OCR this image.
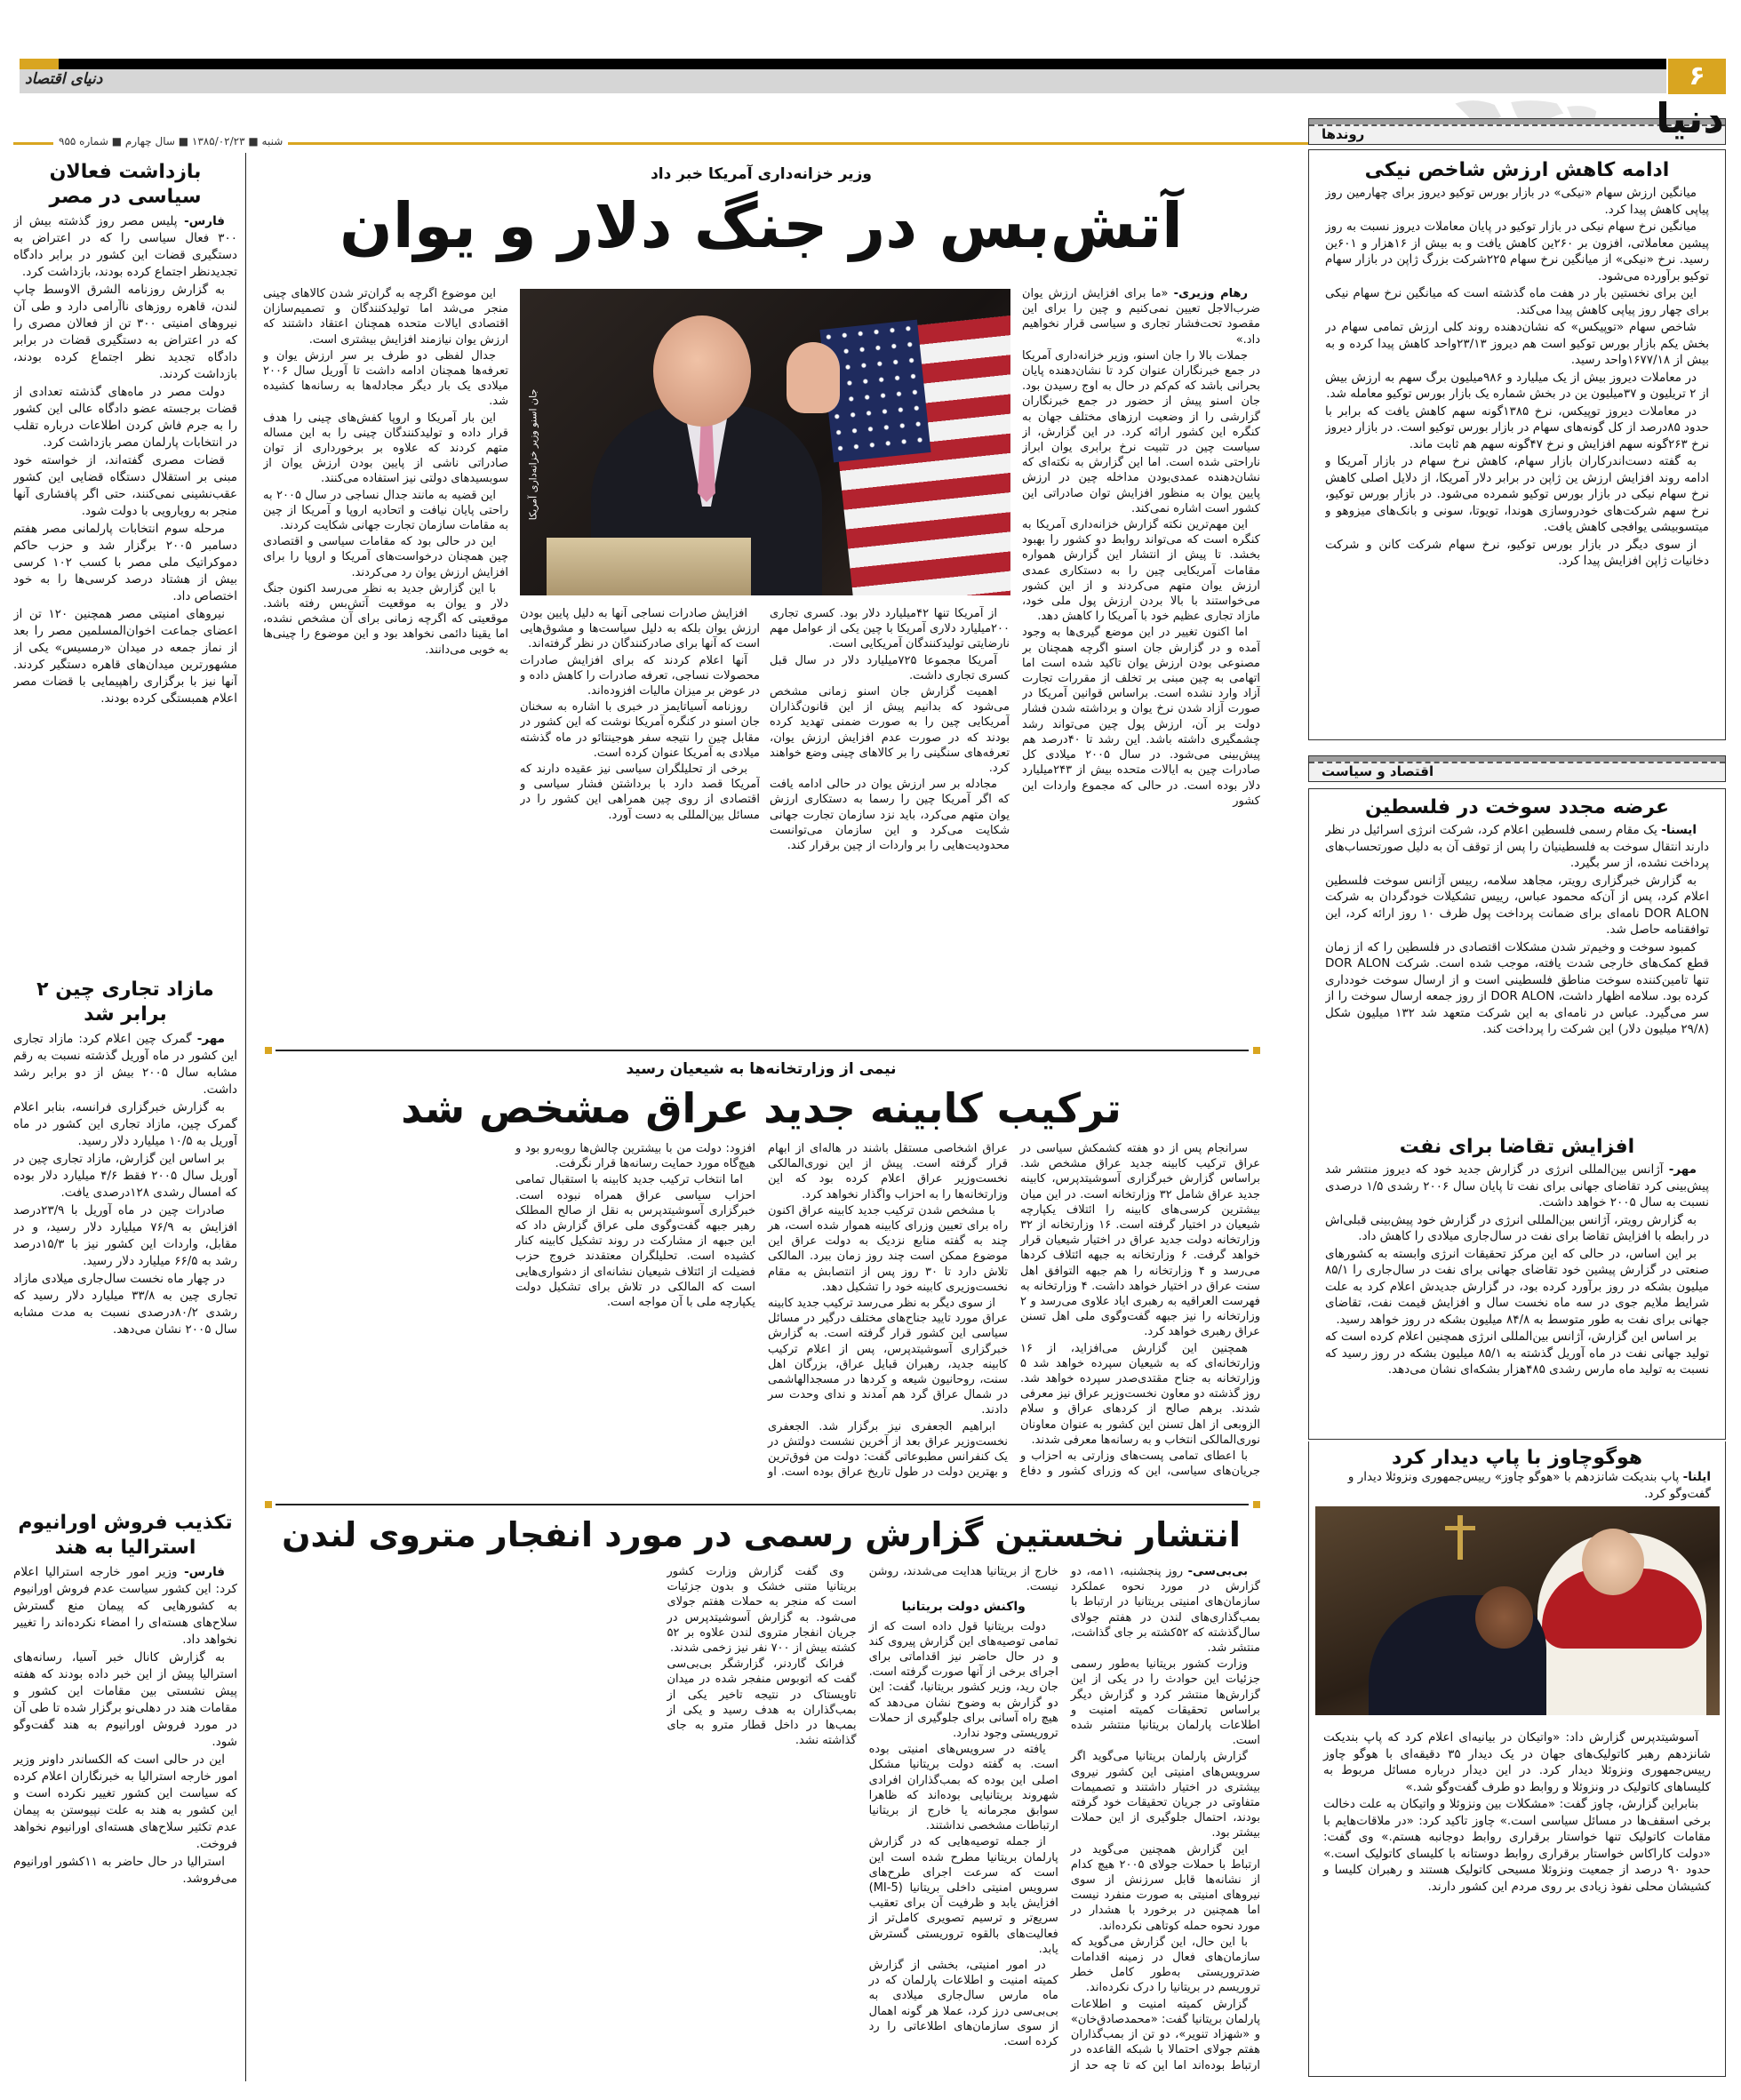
۶
دنیای اقتصاد
دنیا
شنبه ■ ۱۳۸۵/۰۲/۲۳ ■ سال چهارم ■ شماره ۹۵۵
بازداشت فعالان سیاسی در مصر

فارس- پلیس مصر روز گذشته بیش از ۳۰۰ فعال سیاسی را که در اعتراض به دستگیری قضات این کشور در برابر دادگاه تجدیدنظر اجتماع کرده بودند، بازداشت کرد.

به گزارش روزنامه الشرق الاوسط چاپ لندن، قاهره روزهای ناآرامی دارد و طی آن نیروهای امنیتی ۳۰۰ تن از فعالان مصری را که در اعتراض به دستگیری قضات در برابر دادگاه تجدید نظر اجتماع کرده بودند، بازداشت کردند.

دولت مصر در ماه‌های گذشته تعدادی از قضات برجسته عضو دادگاه عالی این کشور را به جرم فاش کردن اطلاعات درباره تقلب در انتخابات پارلمان مصر بازداشت کرد.

قضات مصری گفته‌اند، از خواسته خود مبنی بر استقلال دستگاه قضایی این کشور عقب‌نشینی نمی‌کنند، حتی اگر پافشاری آنها منجر به رویارویی با دولت شود.

مرحله سوم انتخابات پارلمانی مصر هفتم دسامبر ۲۰۰۵ برگزار شد و حزب حاکم دموکراتیک ملی مصر با کسب ۱۰۲ کرسی بیش از هشتاد درصد کرسی‌ها را به خود اختصاص داد.

نیروهای امنیتی مصر همچنین ۱۲۰ تن از اعضای جماعت اخوان‌المسلمین مصر را بعد از نماز جمعه در میدان «رمسیس» یکی از مشهورترین میدان‌های قاهره دستگیر کردند. آنها نیز با برگزاری راهپیمایی با قضات مصر اعلام همبستگی کرده بودند.

مازاد تجاری چین ۲ برابر شد

مهر- گمرک چین اعلام کرد: مازاد تجاری این کشور در ماه آوریل گذشته نسبت به رقم مشابه سال ۲۰۰۵ بیش از دو برابر رشد داشت.

به گزارش خبرگزاری فرانسه، بنابر اعلام گمرک چین، مازاد تجاری این کشور در ماه آوریل به ۱۰/۵ میلیارد دلار رسید.

بر اساس این گزارش، مازاد تجاری چین در آوریل سال ۲۰۰۵ فقط ۴/۶ میلیارد دلار بوده که امسال رشدی ۱۲۸درصدی یافت.

صادرات چین در ماه آوریل با ۲۳/۹درصد افزایش به ۷۶/۹ میلیارد دلار رسید، و در مقابل، واردات این کشور نیز با ۱۵/۳درصد رشد به ۶۶/۵ میلیارد دلار رسید.

در چهار ماه نخست سال‌جاری میلادی مازاد تجاری چین به ۳۳/۸ میلیارد دلار رسید که رشدی ۸۰/۲درصدی نسبت به مدت مشابه سال ۲۰۰۵ نشان می‌دهد.

تکذیب فروش اورانیوم استرالیا به هند

فارس- وزیر امور خارجه استرالیا اعلام کرد: این کشور سیاست عدم فروش اورانیوم به کشورهایی که پیمان منع گسترش سلاح‌های هسته‌ای را امضاء نکرده‌اند را تغییر نخواهد داد.

به گزارش کانال خبر آسیا، رسانه‌های استرالیا پیش از این خبر داده بودند که هفته پیش نشستی بین مقامات این کشور و مقامات هند در دهلی‌نو برگزار شده تا طی آن در مورد فروش اورانیوم به هند گفت‌وگو شود.

این در حالی است که الکساندر داونر وزیر امور خارجه استرالیا به خبرنگاران اعلام کرده که سیاست این کشور تغییر نکرده است و این کشور به هند به علت نپیوستن به پیمان عدم تکثیر سلاح‌های هسته‌ای اورانیوم نخواهد فروخت.

استرالیا در حال حاضر به ۱۱کشور اورانیوم می‌فروشد.

وزیر خزانه‌داری آمریکا خبر داد
آتش‌بس در جنگ دلار و یوان

رهام وزیری- «ما برای افزایش ارزش یوان ضرب‌الاجل تعیین نمی‌کنیم و چین را برای این مقصود تحت‌فشار تجاری و سیاسی قرار نخواهیم داد.»

جملات بالا را جان اسنو، وزیر خزانه‌داری آمریکا در جمع خبرنگاران عنوان کرد تا نشان‌دهنده پایان بحرانی باشد که کم‌کم در حال به اوج رسیدن بود. جان اسنو پیش از حضور در جمع خبرنگاران گزارشی را از وضعیت ارزهای مختلف جهان به کنگره این کشور ارائه کرد. در این گزارش، از سیاست چین در تثبیت نرخ برابری یوان ابراز ناراحتی شده است. اما این گزارش به نکته‌ای که نشان‌دهنده عمدی‌بودن مداخله چین در ارزش پایین یوان به منظور افزایش توان صادراتی این کشور است اشاره نمی‌کند.

این مهم‌ترین نکته گزارش خزانه‌داری آمریکا به کنگره است که می‌تواند روابط دو کشور را بهبود بخشد. تا پیش از انتشار این گزارش همواره مقامات آمریکایی چین را به دستکاری عمدی ارزش یوان متهم می‌کردند و از این کشور می‌خواستند با بالا بردن ارزش پول ملی خود، مازاد تجاری عظیم خود با آمریکا را کاهش دهد.

اما اکنون تغییر در این موضع گیری‌ها به وجود آمده و در گزارش جان اسنو اگرچه همچنان بر مصنوعی بودن ارزش یوان تاکید شده است اما اتهامی به چین مبنی بر تخلف از مقررات تجارت آزاد وارد نشده است. براساس قوانین آمریکا در صورت آزاد شدن نرخ یوان و برداشته شدن فشار دولت بر آن، ارزش پول چین می‌تواند رشد چشمگیری داشته باشد. این رشد تا ۴۰درصد هم پیش‌بینی می‌شود. در سال ۲۰۰۵ میلادی کل صادرات چین به ایالات متحده بیش از ۲۴۳میلیارد دلار بوده است. در حالی که مجموع واردات این کشور

از آمریکا تنها ۴۲میلیارد دلار بود. کسری تجاری ۲۰۰میلیارد دلاری آمریکا با چین یکی از عوامل مهم نارضایتی تولیدکنندگان آمریکایی است.

آمریکا مجموعا ۷۲۵میلیارد دلار در سال قبل کسری تجاری داشت.

اهمیت گزارش جان اسنو زمانی مشخص می‌شود که بدانیم پیش از این قانون‌گذاران آمریکایی چین را به صورت ضمنی تهدید کرده بودند که در صورت عدم افزایش ارزش یوان، تعرفه‌های سنگینی را بر کالاهای چینی وضع خواهند کرد.

مجادله بر سر ارزش یوان در حالی ادامه یافت که اگر آمریکا چین را رسما به دستکاری ارزش یوان متهم می‌کرد، باید نزد سازمان تجارت جهانی شکایت می‌کرد و این سازمان می‌توانست محدودیت‌هایی را بر واردات از چین برقرار کند.

افزایش صادرات نساجی آنها به دلیل پایین بودن ارزش یوان بلکه به دلیل سیاست‌ها و مشوق‌هایی است که آنها برای صادرکنندگان در نظر گرفته‌اند.

آنها اعلام کردند که برای افزایش صادرات محصولات نساجی، تعرفه صادرات را کاهش داده و در عوض بر میزان مالیات افزوده‌اند.

روزنامه آسیاتایمز در خبری با اشاره به سخنان جان اسنو در کنگره آمریکا نوشت که این کشور در مقابل چین را نتیجه سفر هوجینتائو در ماه گذشته میلادی به آمریکا عنوان کرده است.

برخی از تحلیلگران سیاسی نیز عقیده دارند که آمریکا قصد دارد با برداشتن فشار سیاسی و اقتصادی از روی چین همراهی این کشور را در مسائل بین‌المللی به دست آورد.

این موضوع اگرچه به گران‌تر شدن کالاهای چینی منجر می‌شد اما تولیدکنندگان و تصمیم‌سازان اقتصادی ایالات متحده همچنان اعتقاد داشتند که ارزش یوان نیازمند افزایش بیشتری است.

جدال لفظی دو طرف بر سر ارزش یوان و تعرفه‌ها همچنان ادامه داشت تا آوریل سال ۲۰۰۶ میلادی یک بار دیگر مجادله‌ها به رسانه‌ها کشیده شد.

این بار آمریکا و اروپا کفش‌های چینی را هدف قرار داده و تولیدکنندگان چینی را به این مساله متهم کردند که علاوه بر برخورداری از توان صادراتی ناشی از پایین بودن ارزش یوان از سوبسیدهای دولتی نیز استفاده می‌کنند.

این قضیه به مانند جدال نساجی در سال ۲۰۰۵ به راحتی پایان نیافت و اتحادیه اروپا و آمریکا از چین به مقامات سازمان تجارت جهانی شکایت کردند.

این در حالی بود که مقامات سیاسی و اقتصادی چین همچنان درخواست‌های آمریکا و اروپا را برای افزایش ارزش یوان رد می‌کردند.

با این گزارش جدید به نظر می‌رسد اکنون جنگ دلار و یوان به موقعیت آتش‌بس رفته باشد. موقعیتی که اگرچه زمانی برای آن مشخص نشده، اما یقینا دائمی نخواهد بود و این موضوع را چینی‌ها به خوبی می‌دانند.

جان اسنو وزیر خزانه‌داری آمریکا
نیمی از وزارتخانه‌ها به شیعیان رسید
ترکیب کابینه جدید عراق مشخص شد

سرانجام پس از دو هفته کشمکش سیاسی در عراق ترکیب کابینه جدید عراق مشخص شد. براساس گزارش خبرگزاری آسوشیتدپرس، کابینه جدید عراق شامل ۳۲ وزارتخانه است. در این میان بیشترین کرسی‌های کابینه را ائتلاف یکپارچه شیعیان در اختیار گرفته است. ۱۶ وزارتخانه از ۳۲ وزارتخانه دولت جدید عراق در اختیار شیعیان قرار خواهد گرفت. ۶ وزارتخانه به جبهه ائتلاف کردها می‌رسد و ۴ وزارتخانه را هم جبهه التوافق اهل سنت عراق در اختیار خواهد داشت. ۴ وزارتخانه به فهرست العراقیه به رهبری ایاد علاوی می‌رسد و ۲ وزارتخانه را نیز جبهه گفت‌وگوی ملی اهل تسنن عراق رهبری خواهد کرد.

همچنین این گزارش می‌افزاید، از ۱۶ وزارتخانه‌ای که به شیعیان سپرده خواهد شد ۵ وزارتخانه به جناح مقتدی‌صدر سپرده خواهد شد. روز گذشته دو معاون نخست‌وزیر عراق نیز معرفی شدند. برهم صالح از کردهای عراق و سلام الزوبعی از اهل تسنن این کشور به عنوان معاونان نوری‌المالکی انتخاب و به رسانه‌ها معرفی شدند.

با اعطای تمامی پست‌های وزارتی به احزاب و جریان‌های سیاسی، این که وزرای کشور و دفاع عراق اشخاصی مستقل باشند در هاله‌ای از ابهام قرار گرفته است. پیش از این نوری‌المالکی نخست‌وزیر عراق اعلام کرده بود که این وزارتخانه‌ها را به احزاب واگذار نخواهد کرد.

با مشخص شدن ترکیب جدید کابینه عراق اکنون راه برای تعیین وزرای کابینه هموار شده است، هر چند به گفته منابع نزدیک به دولت عراق این موضوع ممکن است چند روز زمان ببرد. المالکی تلاش دارد تا ۳۰ روز پس از انتصابش به مقام نخست‌وزیری کابینه خود را تشکیل دهد.

از سوی دیگر به نظر می‌رسد ترکیب جدید کابینه عراق مورد تایید جناح‌های مختلف درگیر در مسائل سیاسی این کشور قرار گرفته است. به گزارش خبرگزاری آسوشیتدپرس، پس از اعلام ترکیب کابینه جدید، رهبران قبایل عراق، بزرگان اهل سنت، روحانیون شیعه و کردها در مسجدالهاشمی در شمال عراق گرد هم آمدند و ندای وحدت سر دادند.

ابراهیم الجعفری نیز برگزار شد. الجعفری نخست‌وزیر عراق بعد از آخرین نشست دولتش در یک کنفرانس مطبوعاتی گفت: دولت من فوق‌ترین و بهترین دولت در طول تاریخ عراق بوده است. او افزود: دولت من با بیشترین چالش‌ها روبه‌رو بود و هیچ‌گاه مورد حمایت رسانه‌ها قرار نگرفت.

اما انتخاب ترکیب جدید کابینه با استقبال تمامی احزاب سیاسی عراق همراه نبوده است. خبرگزاری آسوشیتدپرس به نقل از صالح المطلک رهبر جبهه گفت‌وگوی ملی عراق گزارش داد که این جبهه از مشارکت در روند تشکیل کابینه کنار کشیده است. تحلیلگران معتقدند خروج حزب فضیلت از ائتلاف شیعیان نشانه‌ای از دشواری‌هایی است که المالکی در تلاش برای تشکیل دولت یکپارچه ملی با آن مواجه است.

انتشار نخستین گزارش رسمی در مورد انفجار متروی لندن

بی‌بی‌سی- روز پنجشنبه، ۱۱مه، دو گزارش در مورد نحوه عملکرد سازمان‌های امنیتی بریتانیا در ارتباط با بمب‌گذاری‌های لندن در هفتم جولای سال‌گذشته که ۵۲کشته بر جای گذاشت، منتشر شد.

وزارت کشور بریتانیا به‌طور رسمی جزئیات این حوادث را در یکی از این گزارش‌ها منتشر کرد و گزارش دیگر براساس تحقیقات کمیته امنیت و اطلاعات پارلمان بریتانیا منتشر شده است.

گزارش پارلمان بریتانیا می‌گوید اگر سرویس‌های امنیتی این کشور نیروی بیشتری در اختیار داشتند و تصمیمات متفاوتی در جریان تحقیقات خود گرفته بودند، احتمال جلوگیری از این حملات بیشتر بود.

این گزارش همچنین می‌گوید در ارتباط با حملات جولای ۲۰۰۵ هیچ کدام از نشانه‌ها قابل سرزنش از سوی نیروهای امنیتی به صورت منفرد نیست اما همچنین در برخورد با هشدار در مورد نحوه حمله کوتاهی نکرده‌اند.

با این حال، این گزارش می‌گوید که سازمان‌های فعال در زمینه اقدامات ضدتروریستی به‌طور کامل خطر تروریسم در بریتانیا را درک نکرده‌اند.

گزارش کمیته امنیت و اطلاعات پارلمان بریتانیا گفت: «محمدصادق‌خان» و «شهزاد تنویر»، دو تن از بمب‌گذاران هفتم جولای احتمالا با شبکه القاعده در ارتباط بوده‌اند اما این که تا چه حد از خارج از بریتانیا هدایت می‌شدند، روشن نیست.

واکنش دولت بریتانیا

دولت بریتانیا قول داده است که از تمامی توصیه‌های این گزارش پیروی کند و در حال حاضر نیز اقداماتی برای اجرای برخی از آنها صورت گرفته است. جان رید، وزیر کشور بریتانیا، گفت: این دو گزارش به وضوح نشان می‌دهد که هیچ راه آسانی برای جلوگیری از حملات تروریستی وجود ندارد.

یافته در سرویس‌های امنیتی بوده است. به گفته دولت بریتانیا مشکل اصلی این بوده که بمب‌گذاران افرادی شهروند بریتانیایی بوده‌اند که ظاهرا سوابق مجرمانه یا خارج از بریتانیا ارتباطات مشخصی نداشتند.

از جمله توصیه‌هایی که در گزارش پارلمان بریتانیا مطرح شده است این است که سرعت اجرای طرح‌های سرویس امنیتی داخلی بریتانیا (MI-5) افزایش یابد و ظرفیت آن برای تعقیب سریع‌تر و ترسیم تصویری کامل‌تر از فعالیت‌های بالقوه تروریستی گسترش یابد.

در امور امنیتی، بخشی از گزارش کمیته امنیت و اطلاعات پارلمان که در ماه مارس سال‌جاری میلادی به بی‌بی‌سی درز کرد، عملا هر گونه اهمال از سوی سازمان‌های اطلاعاتی را رد کرده است.

وی گفت گزارش وزارت کشور بریتانیا متنی خشک و بدون جزئیات است که منجر به حملات هفتم جولای می‌شود. به گزارش آسوشیتدپرس در جریان انفجار متروی لندن علاوه بر ۵۲ کشته بیش از ۷۰۰ نفر نیز زخمی شدند.

فرانک گاردنر، گزارشگر بی‌بی‌سی گفت که اتوبوس منفجر شده در میدان تاویستاک در نتیجه تاخیر یکی از بمب‌گذاران به هدف رسید و یکی از بمب‌ها در داخل قطار مترو به جای گذاشته نشد.

روندها
ادامه کاهش ارزش شاخص نیکی

میانگین ارزش سهام «نیکی» در بازار بورس توکیو دیروز برای چهارمین روز پیاپی کاهش پیدا کرد.

میانگین نرخ سهام نیکی در بازار توکیو در پایان معاملات دیروز نسبت به روز پیشین معاملاتی، افزون بر ۲۶۰ین کاهش یافت و به بیش از ۱۶هزار و ۶۰۱ین رسید. نرخ «نیکی» از میانگین نرخ سهام ۲۲۵شرکت بزرگ ژاپن در بازار سهام توکیو برآورده می‌شود.

این برای نخستین بار در هفت ماه گذشته است که میانگین نرخ سهام نیکی برای چهار روز پیاپی کاهش پیدا می‌کند.

شاخص سهام «توپیکس» که نشان‌دهنده روند کلی ارزش تمامی سهام در بخش یکم بازار بورس توکیو است هم دیروز ۲۳/۱۳واحد کاهش پیدا کرده و به بیش از ۱۶۷۷/۱۸واحد رسید.

در معاملات دیروز بیش از یک میلیارد و ۹۸۶میلیون برگ سهم به ارزش بیش از ۲ تریلیون و ۳۷میلیون ین در بخش شماره یک بازار بورس توکیو معامله شد.

در معاملات دیروز توپیکس، نرخ ۱۳۸۵گونه سهم کاهش یافت که برابر با حدود ۸۵درصد از کل گونه‌های سهام در بازار بورس توکیو است. در بازار دیروز نرخ ۲۶۳گونه سهم افزایش و نرخ ۴۷گونه سهم هم ثابت ماند.

به گفته دست‌اندرکاران بازار سهام، کاهش نرخ سهام در بازار آمریکا و ادامه روند افزایش ارزش ین ژاپن در برابر دلار آمریکا، از دلایل اصلی کاهش نرخ سهام نیکی در بازار بورس توکیو شمرده می‌شود. در بازار بورس توکیو، نرخ سهم شرکت‌های خودروسازی هوندا، تویوتا، سونی و بانک‌های میزوهو و میتسوبیشی یوافجی کاهش یافت.

از سوی دیگر در بازار بورس توکیو، نرخ سهام شرکت کانن و شرکت دخانیات ژاپن افزایش پیدا کرد.

اقتصاد و سیاست
عرضه مجدد سوخت در فلسطین

ایسنا- یک مقام رسمی فلسطین اعلام کرد، شرکت انرژی اسرائیل در نظر دارند انتقال سوخت به فلسطینیان را پس از توقف آن به دلیل صورتحساب‌های پرداخت نشده، از سر بگیرد.

به گزارش خبرگزاری رویتر، مجاهد سلامه، رییس آژانس سوخت فلسطین اعلام کرد، پس از آن‌که محمود عباس، رییس تشکیلات خودگردان به شرکت DOR ALON نامه‌ای برای ضمانت پرداخت پول ظرف ۱۰ روز ارائه کرد، این توافقنامه حاصل شد.

کمبود سوخت و وخیم‌تر شدن مشکلات اقتصادی در فلسطین را که از زمان قطع کمک‌های خارجی شدت یافته، موجب شده است. شرکت DOR ALON تنها تامین‌کننده سوخت مناطق فلسطینی است و از ارسال سوخت خودداری کرده بود. سلامه اظهار داشت، DOR ALON از روز جمعه ارسال سوخت را از سر می‌گیرد. عباس در نامه‌ای به این شرکت متعهد شد ۱۳۲ میلیون شکل (۲۹/۸ میلیون دلار) این شرکت را پرداخت کند.

افزایش تقاضا برای نفت

مهر- آژانس بین‌المللی انرژی در گزارش جدید خود که دیروز منتشر شد پیش‌بینی کرد تقاضای جهانی برای نفت تا پایان سال ۲۰۰۶ رشدی ۱/۵ درصدی نسبت به سال ۲۰۰۵ خواهد داشت.

به گزارش رویتر، آژانس بین‌المللی انرژی در گزارش خود پیش‌بینی قبلی‌اش در رابطه با افزایش تقاضا برای نفت در سال‌جاری میلادی را کاهش داد.

بر این اساس، در حالی که این مرکز تحقیقات انرژی وابسته به کشورهای صنعتی در گزارش پیشین خود تقاضای جهانی برای نفت در سال‌جاری را ۸۵/۱ میلیون بشکه در روز برآورد کرده بود، در گزارش جدیدش اعلام کرد به علت شرایط ملایم جوی در سه ماه نخست سال و افزایش قیمت نفت، تقاضای جهانی برای نفت به طور متوسط به ۸۴/۸ میلیون بشکه در روز خواهد رسید.

بر اساس این گزارش، آژانس بین‌المللی انرژی همچنین اعلام کرده است که تولید جهانی نفت در ماه آوریل گذشته به ۸۵/۱ میلیون بشکه در روز رسید که نسبت به تولید ماه مارس رشدی ۴۸۵هزار بشکه‌ای نشان می‌دهد.

هوگوچاوز با پاپ دیدار کرد
ایلنا- پاپ بندیکت شانزدهم با «هوگو چاوز» رییس‌جمهوری ونزوئلا دیدار و گفت‌وگو کرد.

آسوشیتدپرس گزارش داد: «واتیکان در بیانیه‌ای اعلام کرد که پاپ بندیکت شانزدهم رهبر کاتولیک‌های جهان در یک دیدار ۳۵ دقیقه‌ای با هوگو چاوز رییس‌جمهوری ونزوئلا دیدار کرد. در این دیدار درباره مسائل مربوط به کلیساهای کاتولیک در ونزوئلا و روابط دو طرف گفت‌وگو شد.»

بنابراین گزارش، چاوز گفت: «مشکلات بین ونزوئلا و واتیکان به علت دخالت برخی اسقف‌ها در مسائل سیاسی است.» چاوز تاکید کرد: «در ملاقات‌هایم با مقامات کاتولیک تنها خواستار برقراری روابط دوجانبه هستم.» وی گفت: «دولت کاراکاس خواستار برقراری روابط دوستانه با کلیسای کاتولیک است.» حدود ۹۰ درصد از جمعیت ونزوئلا مسیحی کاتولیک هستند و رهبران کلیسا و کشیشان محلی نفوذ زیادی بر روی مردم این کشور دارند.
